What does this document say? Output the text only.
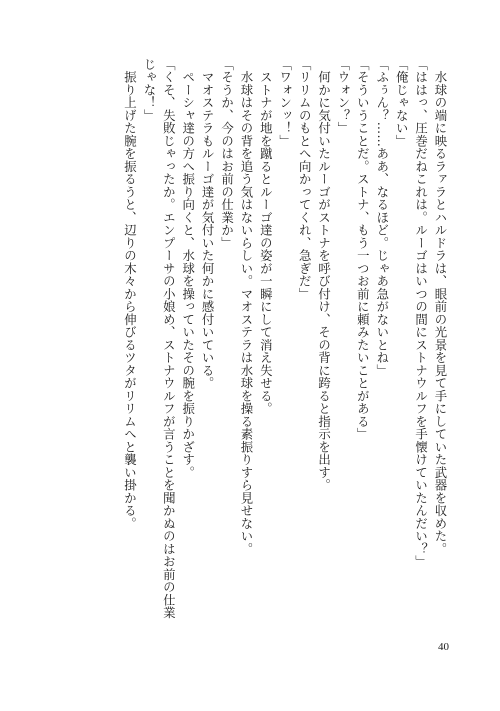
　水球の端に映るラァラとハルドラは、眼前の光景を見て手にしていた武器を収めた。
「ははっ、圧巻だねこれは。ルーゴはいつの間にストナウルフを手懐けていたんだい？」
「俺じゃない」
「ふぅん？……ああ、なるほど。じゃあ急がないとね」
「そういうことだ。ストナ、もう一つお前に頼みたいことがある」
「ウォン？」
　何かに気付いたルーゴがストナを呼び付け、その背に跨ると指示を出す。
「リリムのもとへ向かってくれ、急ぎだ」
「ワォンッ！」
　ストナが地を蹴るとルーゴ達の姿が一瞬にして消え失せる。
　水球はその背を追う気はないらしい。マオステラは水球を操る素振りすら見せない。
「そうか、今のはお前の仕業か」
　マオステラもルーゴ達が気付いた何かに感付いている。
　ペーシャ達の方へ振り向くと、水球を操っていたその腕を振りかざす。
「くそ、失敗じゃったか。エンプーサの小娘め、ストナウルフが言うことを聞かぬのはお前の仕業
じゃな！」
　振り上げた腕を振るうと、辺りの木々から伸びるツタがリリムへと襲い掛かる。
40
